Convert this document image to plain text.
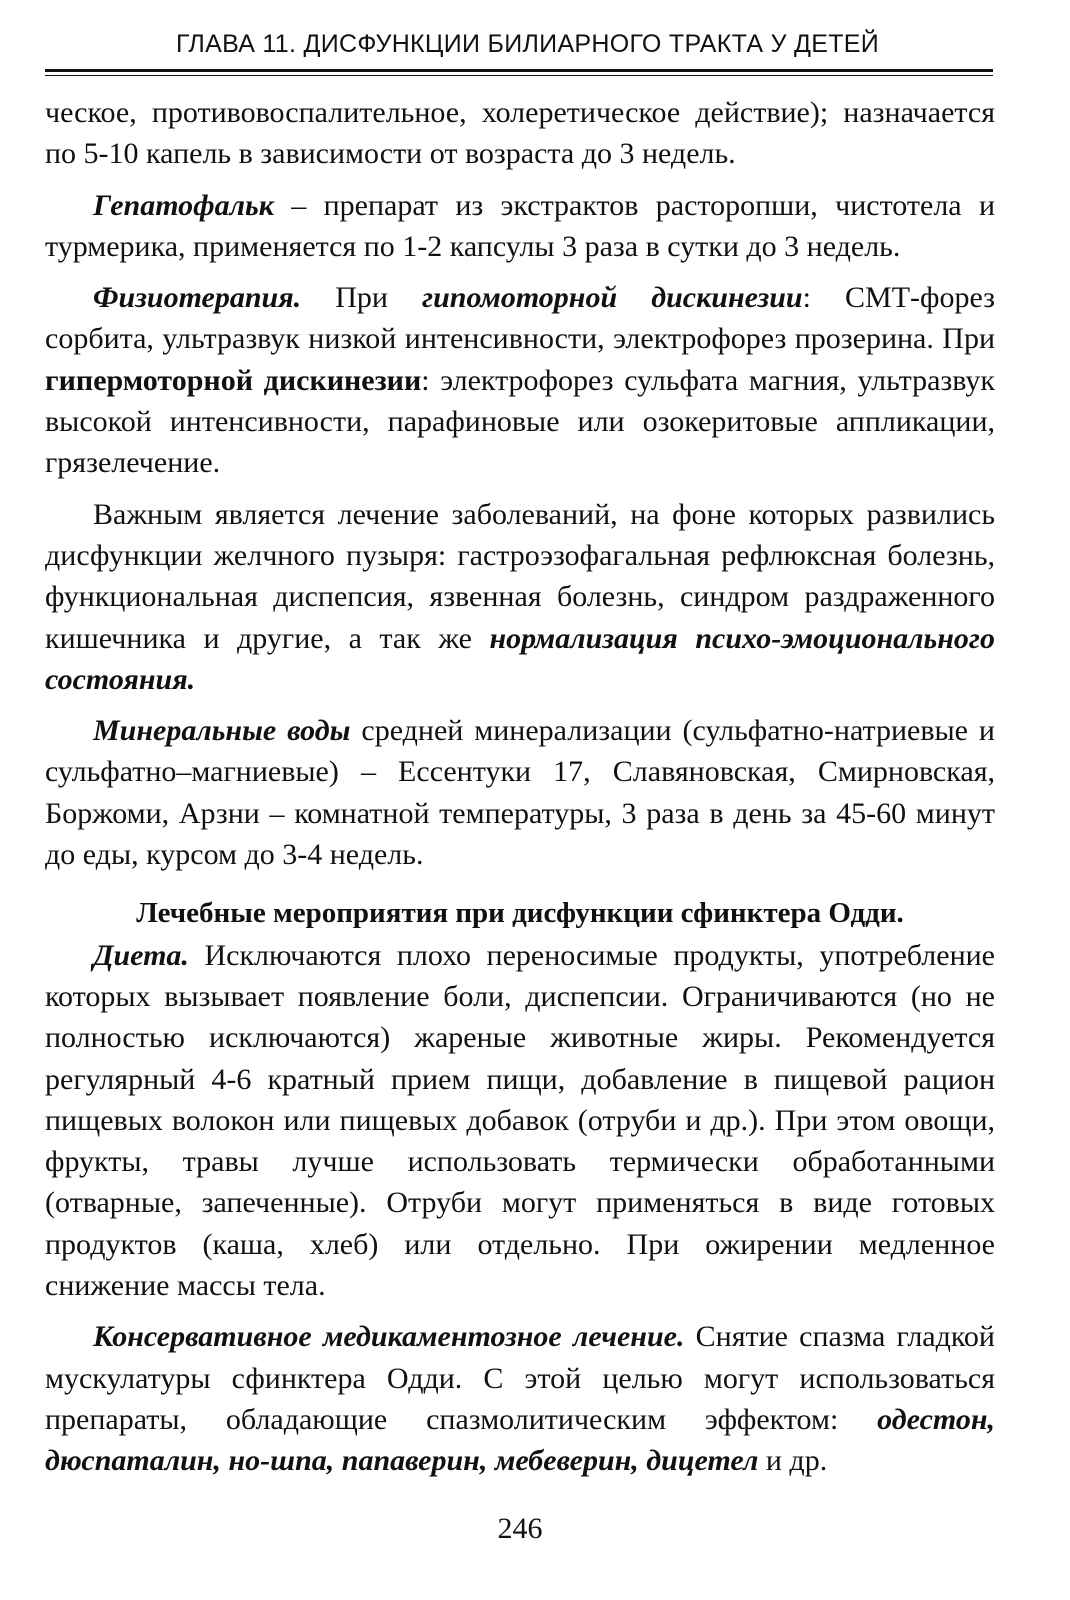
ГЛАВА 11. ДИСФУНКЦИИ БИЛИАРНОГО ТРАКТА У ДЕТЕЙ

ческое, противовоспалительное, холеретическое действие); назначается по 5-10 капель в зависимости от возраста до 3 недель.

Гепатофальк – препарат из экстрактов расторопши, чистотела и турмерика, применяется по 1-2 капсулы 3 раза в сутки до 3 недель.

Физиотерапия. При гипомоторной дискинезии: СМТ-форез сорбита, ультразвук низкой интенсивности, электрофорез прозерина. При гипермоторной дискинезии: электрофорез сульфата магния, ультразвук высокой интенсивности, парафиновые или озокеритовые аппликации, грязелечение.

Важным является лечение заболеваний, на фоне которых развились дисфункции желчного пузыря: гастроэзофагальная рефлюксная болезнь, функциональная диспепсия, язвенная болезнь, синдром раздраженного кишечника и другие, а так же нормализация психо-эмоционального состояния.

Минеральные воды средней минерализации (сульфатно-натриевые и сульфатно–магниевые) – Ессентуки 17, Славяновская, Смирновская, Боржоми, Арзни – комнатной температуры, 3 раза в день за 45-60 минут до еды, курсом до 3-4 недель.

Лечебные мероприятия при дисфункции сфинктера Одди.

Диета. Исключаются плохо переносимые продукты, употребление которых вызывает появление боли, диспепсии. Ограничиваются (но не полностью исключаются) жареные животные жиры. Рекомендуется регулярный 4-6 кратный прием пищи, добавление в пищевой рацион пищевых волокон или пищевых добавок (отруби и др.). При этом овощи, фрукты, травы лучше использовать термически обработанными (отварные, запеченные). Отруби могут применяться в виде готовых продуктов (каша, хлеб) или отдельно. При ожирении медленное снижение массы тела.

Консервативное медикаментозное лечение. Снятие спазма гладкой мускулатуры сфинктера Одди. С этой целью могут использоваться препараты, обладающие спазмолитическим эффектом: одестон, дюспаталин, но-шпа, папаверин, мебеверин, дицетел и др.

246
